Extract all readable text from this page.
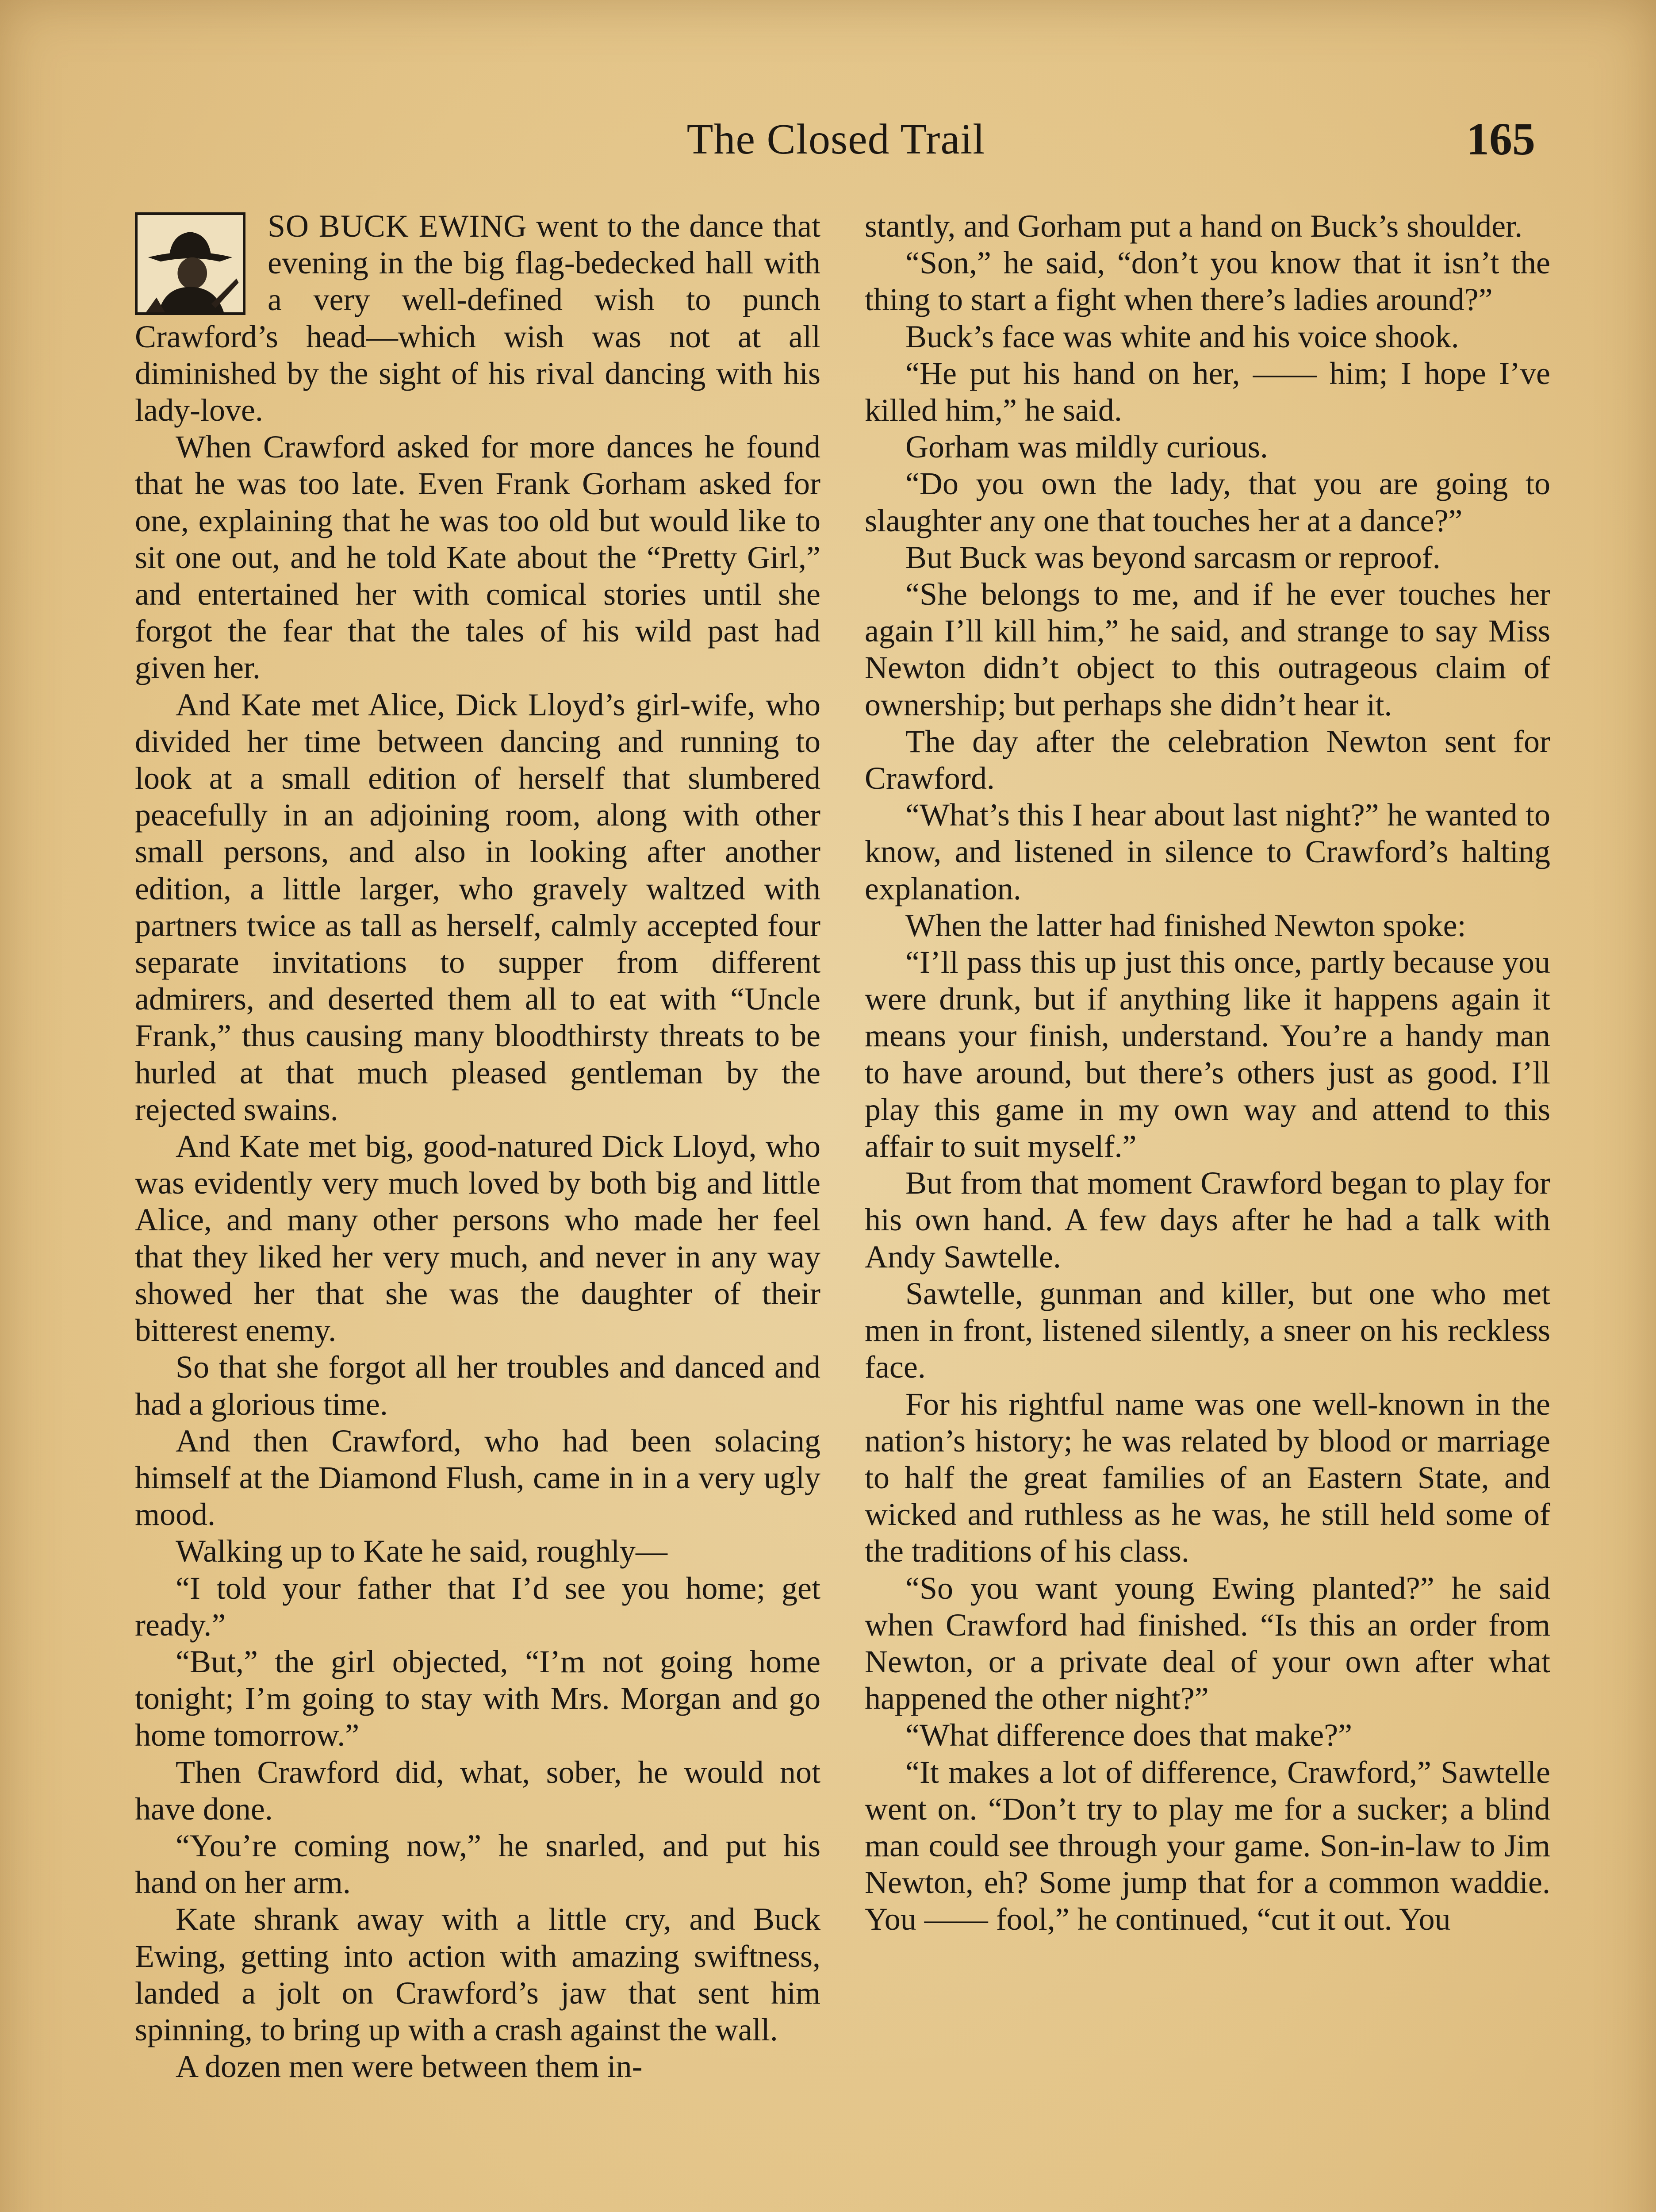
The Closed Trail	165

SO BUCK EWING went to the dance that evening in the big flag-bedecked hall with a very well-defined wish to punch Crawford’s head—which wish was not at all diminished by the sight of his rival dancing with his lady-love.

When Crawford asked for more dances he found that he was too late. Even Frank Gorham asked for one, explaining that he was too old but would like to sit one out, and he told Kate about the “Pretty Girl,” and entertained her with comical stories until she forgot the fear that the tales of his wild past had given her.

And Kate met Alice, Dick Lloyd’s girl-wife, who divided her time between dancing and running to look at a small edition of herself that slumbered peacefully in an adjoining room, along with other small persons, and also in looking after another edition, a little larger, who gravely waltzed with partners twice as tall as herself, calmly accepted four separate invitations to supper from different admirers, and deserted them all to eat with “Uncle Frank,” thus causing many bloodthirsty threats to be hurled at that much pleased gentleman by the rejected swains.

And Kate met big, good-natured Dick Lloyd, who was evidently very much loved by both big and little Alice, and many other persons who made her feel that they liked her very much, and never in any way showed her that she was the daughter of their bitterest enemy.

So that she forgot all her troubles and danced and had a glorious time.

And then Crawford, who had been solacing himself at the Diamond Flush, came in in a very ugly mood.

Walking up to Kate he said, roughly—

“I told your father that I’d see you home; get ready.”

“But,” the girl objected, “I’m not going home tonight; I’m going to stay with Mrs. Morgan and go home tomorrow.”

Then Crawford did, what, sober, he would not have done.

“You’re coming now,” he snarled, and put his hand on her arm.

Kate shrank away with a little cry, and Buck Ewing, getting into action with amazing swiftness, landed a jolt on Crawford’s jaw that sent him spinning, to bring up with a crash against the wall.

A dozen men were between them in-

stantly, and Gorham put a hand on Buck’s shoulder.

“Son,” he said, “don’t you know that it isn’t the thing to start a fight when there’s ladies around?”

Buck’s face was white and his voice shook.

“He put his hand on her, —— him; I hope I’ve killed him,” he said.

Gorham was mildly curious.

“Do you own the lady, that you are going to slaughter any one that touches her at a dance?”

But Buck was beyond sarcasm or reproof.

“She belongs to me, and if he ever touches her again I’ll kill him,” he said, and strange to say Miss Newton didn’t object to this outrageous claim of ownership; but perhaps she didn’t hear it.

The day after the celebration Newton sent for Crawford.

“What’s this I hear about last night?” he wanted to know, and listened in silence to Crawford’s halting explanation.

When the latter had finished Newton spoke:

“I’ll pass this up just this once, partly because you were drunk, but if anything like it happens again it means your finish, understand. You’re a handy man to have around, but there’s others just as good. I’ll play this game in my own way and attend to this affair to suit myself.”

But from that moment Crawford began to play for his own hand. A few days after he had a talk with Andy Sawtelle.

Sawtelle, gunman and killer, but one who met men in front, listened silently, a sneer on his reckless face.

For his rightful name was one well-known in the nation’s history; he was related by blood or marriage to half the great families of an Eastern State, and wicked and ruthless as he was, he still held some of the traditions of his class.

“So you want young Ewing planted?” he said when Crawford had finished. “Is this an order from Newton, or a private deal of your own after what happened the other night?”

“What difference does that make?”

“It makes a lot of difference, Crawford,” Sawtelle went on. “Don’t try to play me for a sucker; a blind man could see through your game. Son-in-law to Jim Newton, eh? Some jump that for a common waddie. You —— fool,” he continued, “cut it out. You
